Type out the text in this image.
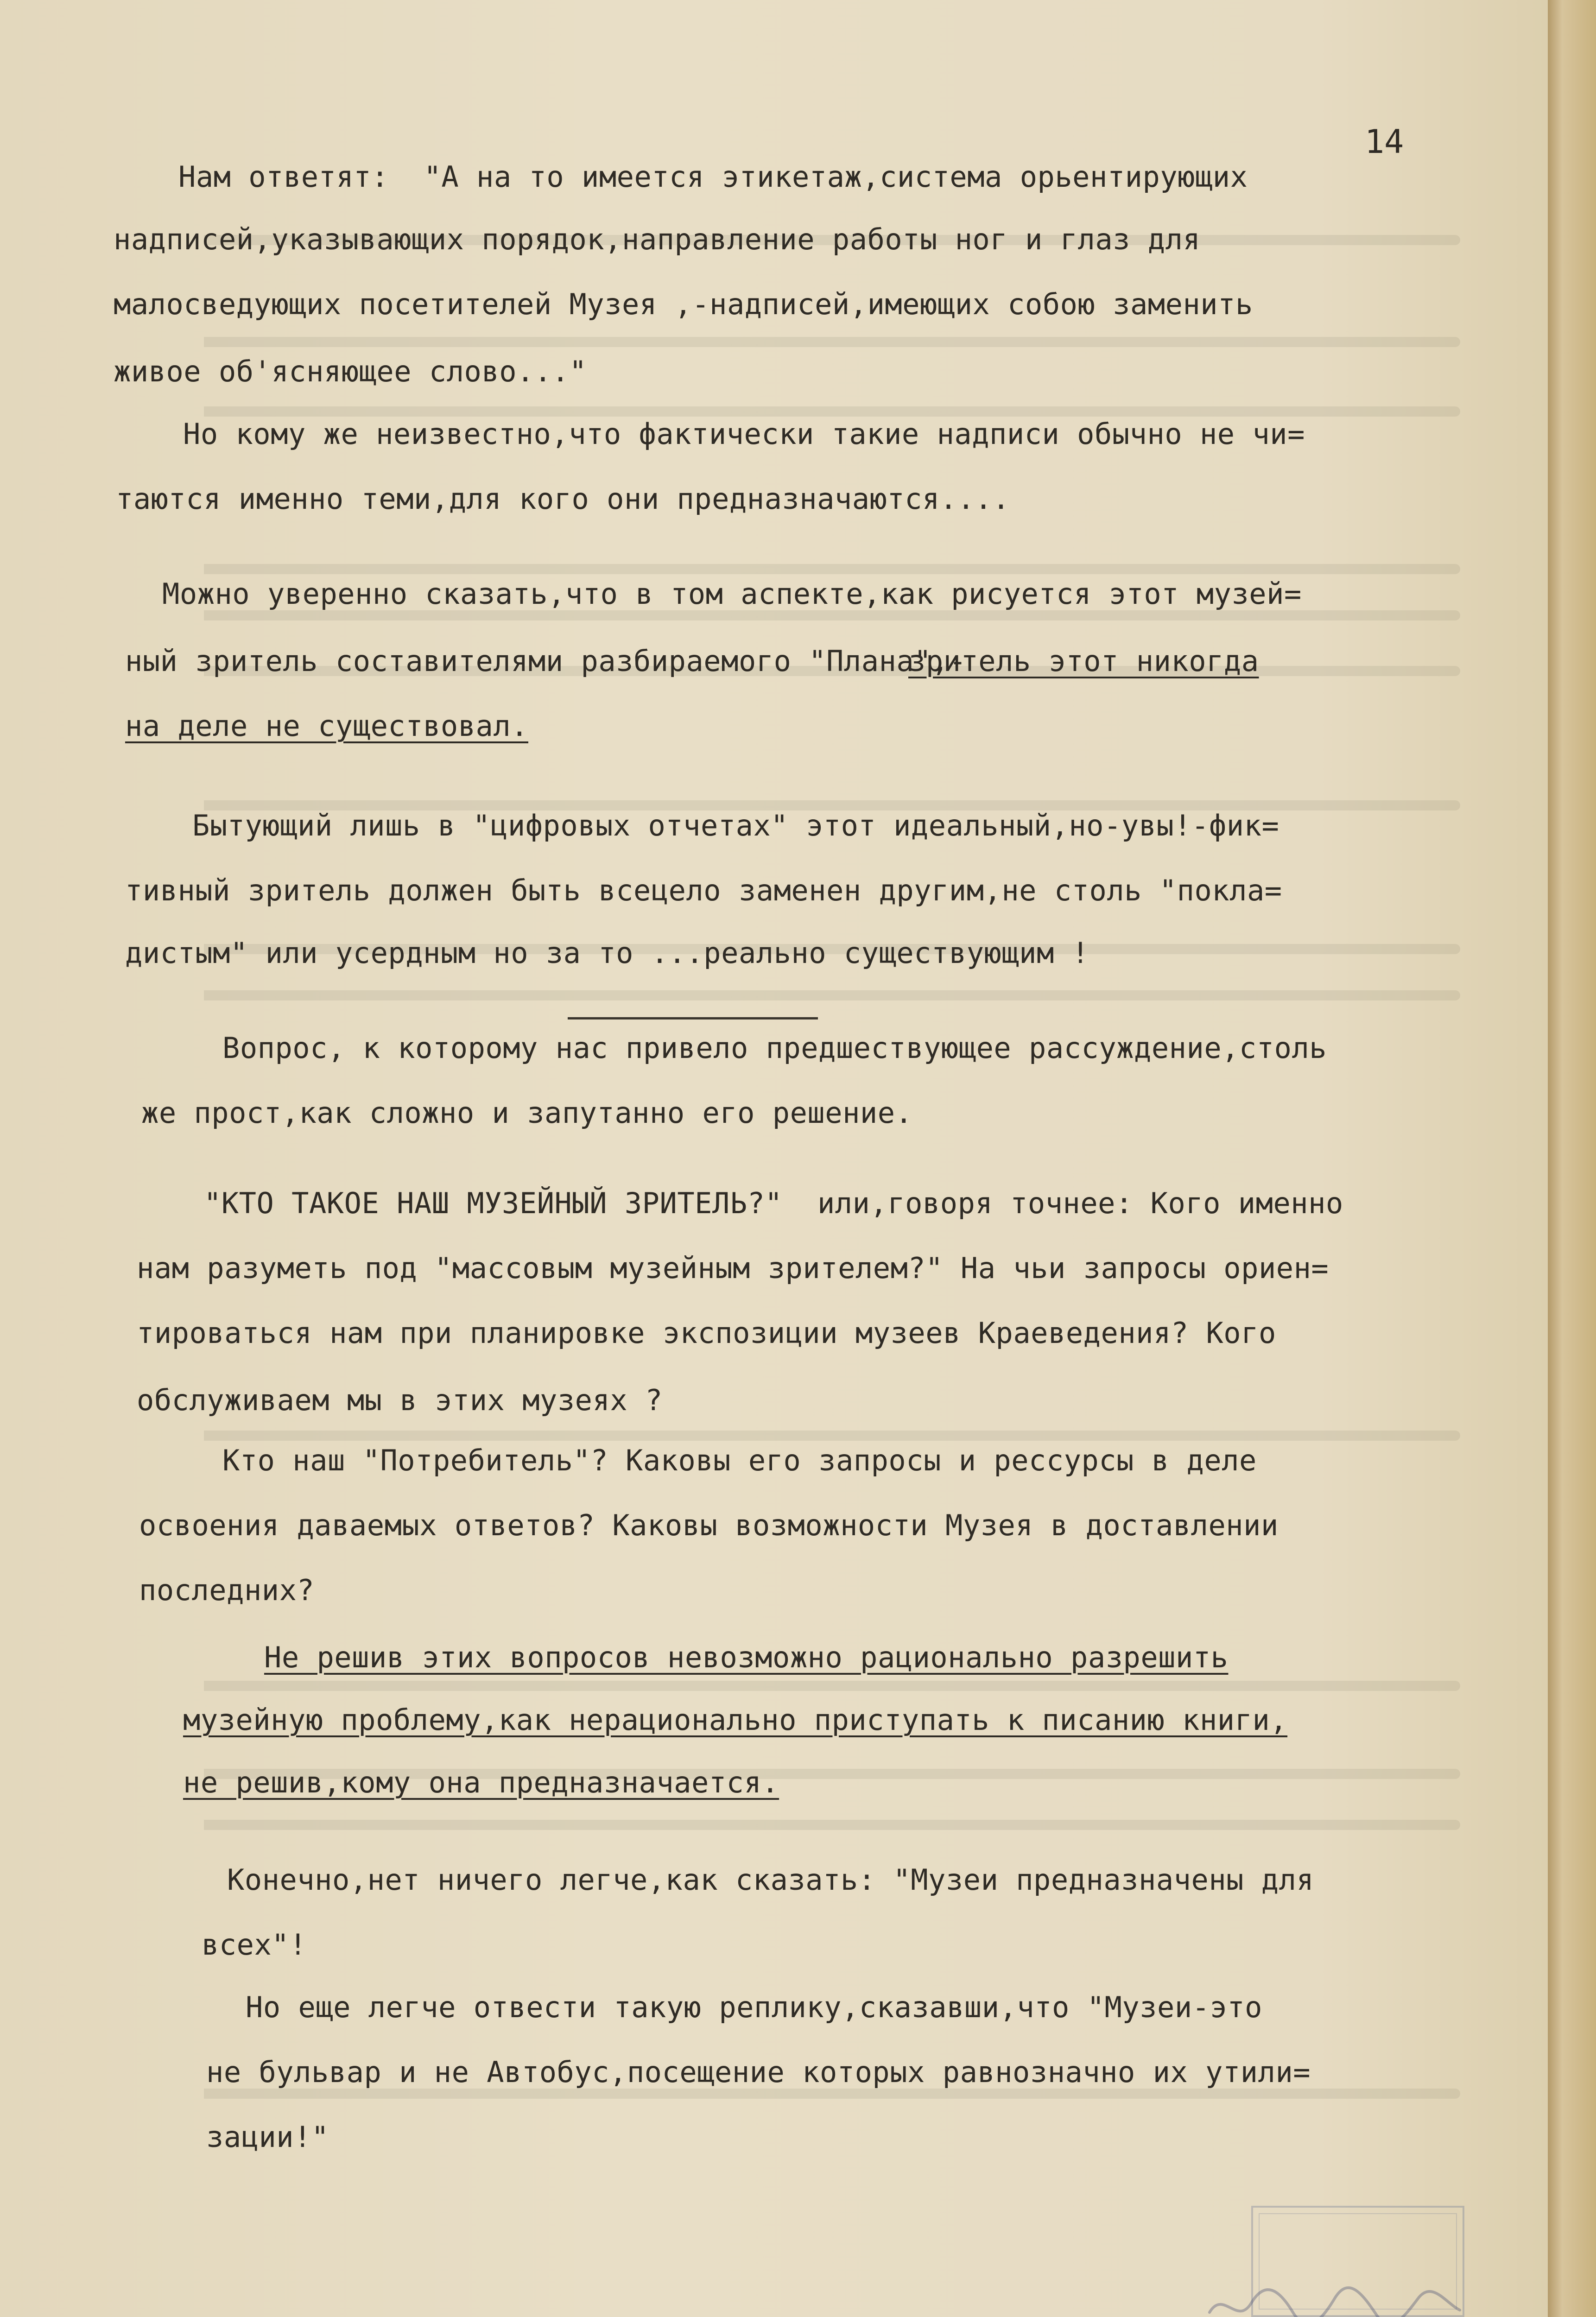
14
Нам ответят:  "А на то имеется этикетаж,система орьентирующих
надписей,указывающих порядок,направление работы ног и глаз для
малосведующих посетителей Музея ,-надписей,имеющих собою заменить
живое об'ясняющее слово..."
Но кому же неизвестно,что фактически такие надписи обычно не чи=
таются именно теми,для кого они предназначаются....
Можно уверенно сказать,что в том аспекте,как рисуется этот музей=
ный зритель составителями разбираемого "Плана",-
зритель этот никогда
на деле не существовал.
Бытующий лишь в "цифровых отчетах" этот идеальный,но-увы!-фик=
тивный зритель должен быть всецело заменен другим,не столь "покла=
дистым" или усердным но за то ...реально существующим !
Вопрос, к которому нас привело предшествующее рассуждение,столь
же прост,как сложно и запутанно его решение.
"КТО ТАКОЕ НАШ МУЗЕЙНЫЙ ЗРИТЕЛЬ?"  или,говоря точнее: Кого именно
нам разуметь под "массовым музейным зрителем?" На чьи запросы ориен=
тироваться нам при планировке экспозиции музеев Краеведения? Кого
обслуживаем мы в этих музеях ?
Кто наш "Потребитель"? Каковы его запросы и рессурсы в деле
освоения даваемых ответов? Каковы возможности Музея в доставлении
последних?
Не решив этих вопросов невозможно рационально разрешить
музейную проблему,как нерационально приступать к писанию книги,
не решив,кому она предназначается.
Конечно,нет ничего легче,как сказать: "Музеи предназначены для
всех"!
Но еще легче отвести такую реплику,сказавши,что "Музеи-это
не бульвар и не Автобус,посещение которых равнозначно их утили=
зации!"
